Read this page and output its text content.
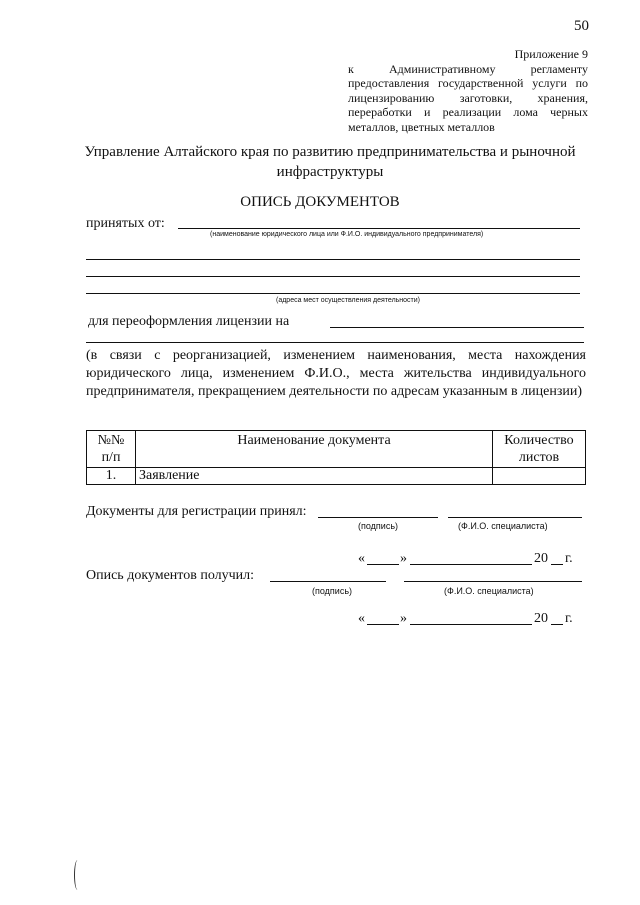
50
Приложение 9
к Административному регламенту предоставления государственной услуги по лицензированию заготовки, хранения, переработки и реализации лома черных металлов, цветных металлов
Управление Алтайского края по развитию предпринимательства и рыночной инфраструктуры
ОПИСЬ ДОКУМЕНТОВ
принятых от:
(наименование юридического лица или Ф.И.О. индивидуального предпринимателя)
(адреса мест осуществления деятельности)
для переоформления лицензии на
(в связи с реорганизацией, изменением наименования, места нахождения юридического лица, изменением Ф.И.О., места жительства индивидуального предпринимателя, прекращением деятельности по адресам указанным в лицензии)
№№
п/п	Наименование документа	Количество
листов

1.	Заявление	
Документы для регистрации принял:
(подпись)	(Ф.И.О. специалиста)
«	»	20 г.
Опись документов получил:
(подпись)	(Ф.И.О. специалиста)
«	»	20 г.
